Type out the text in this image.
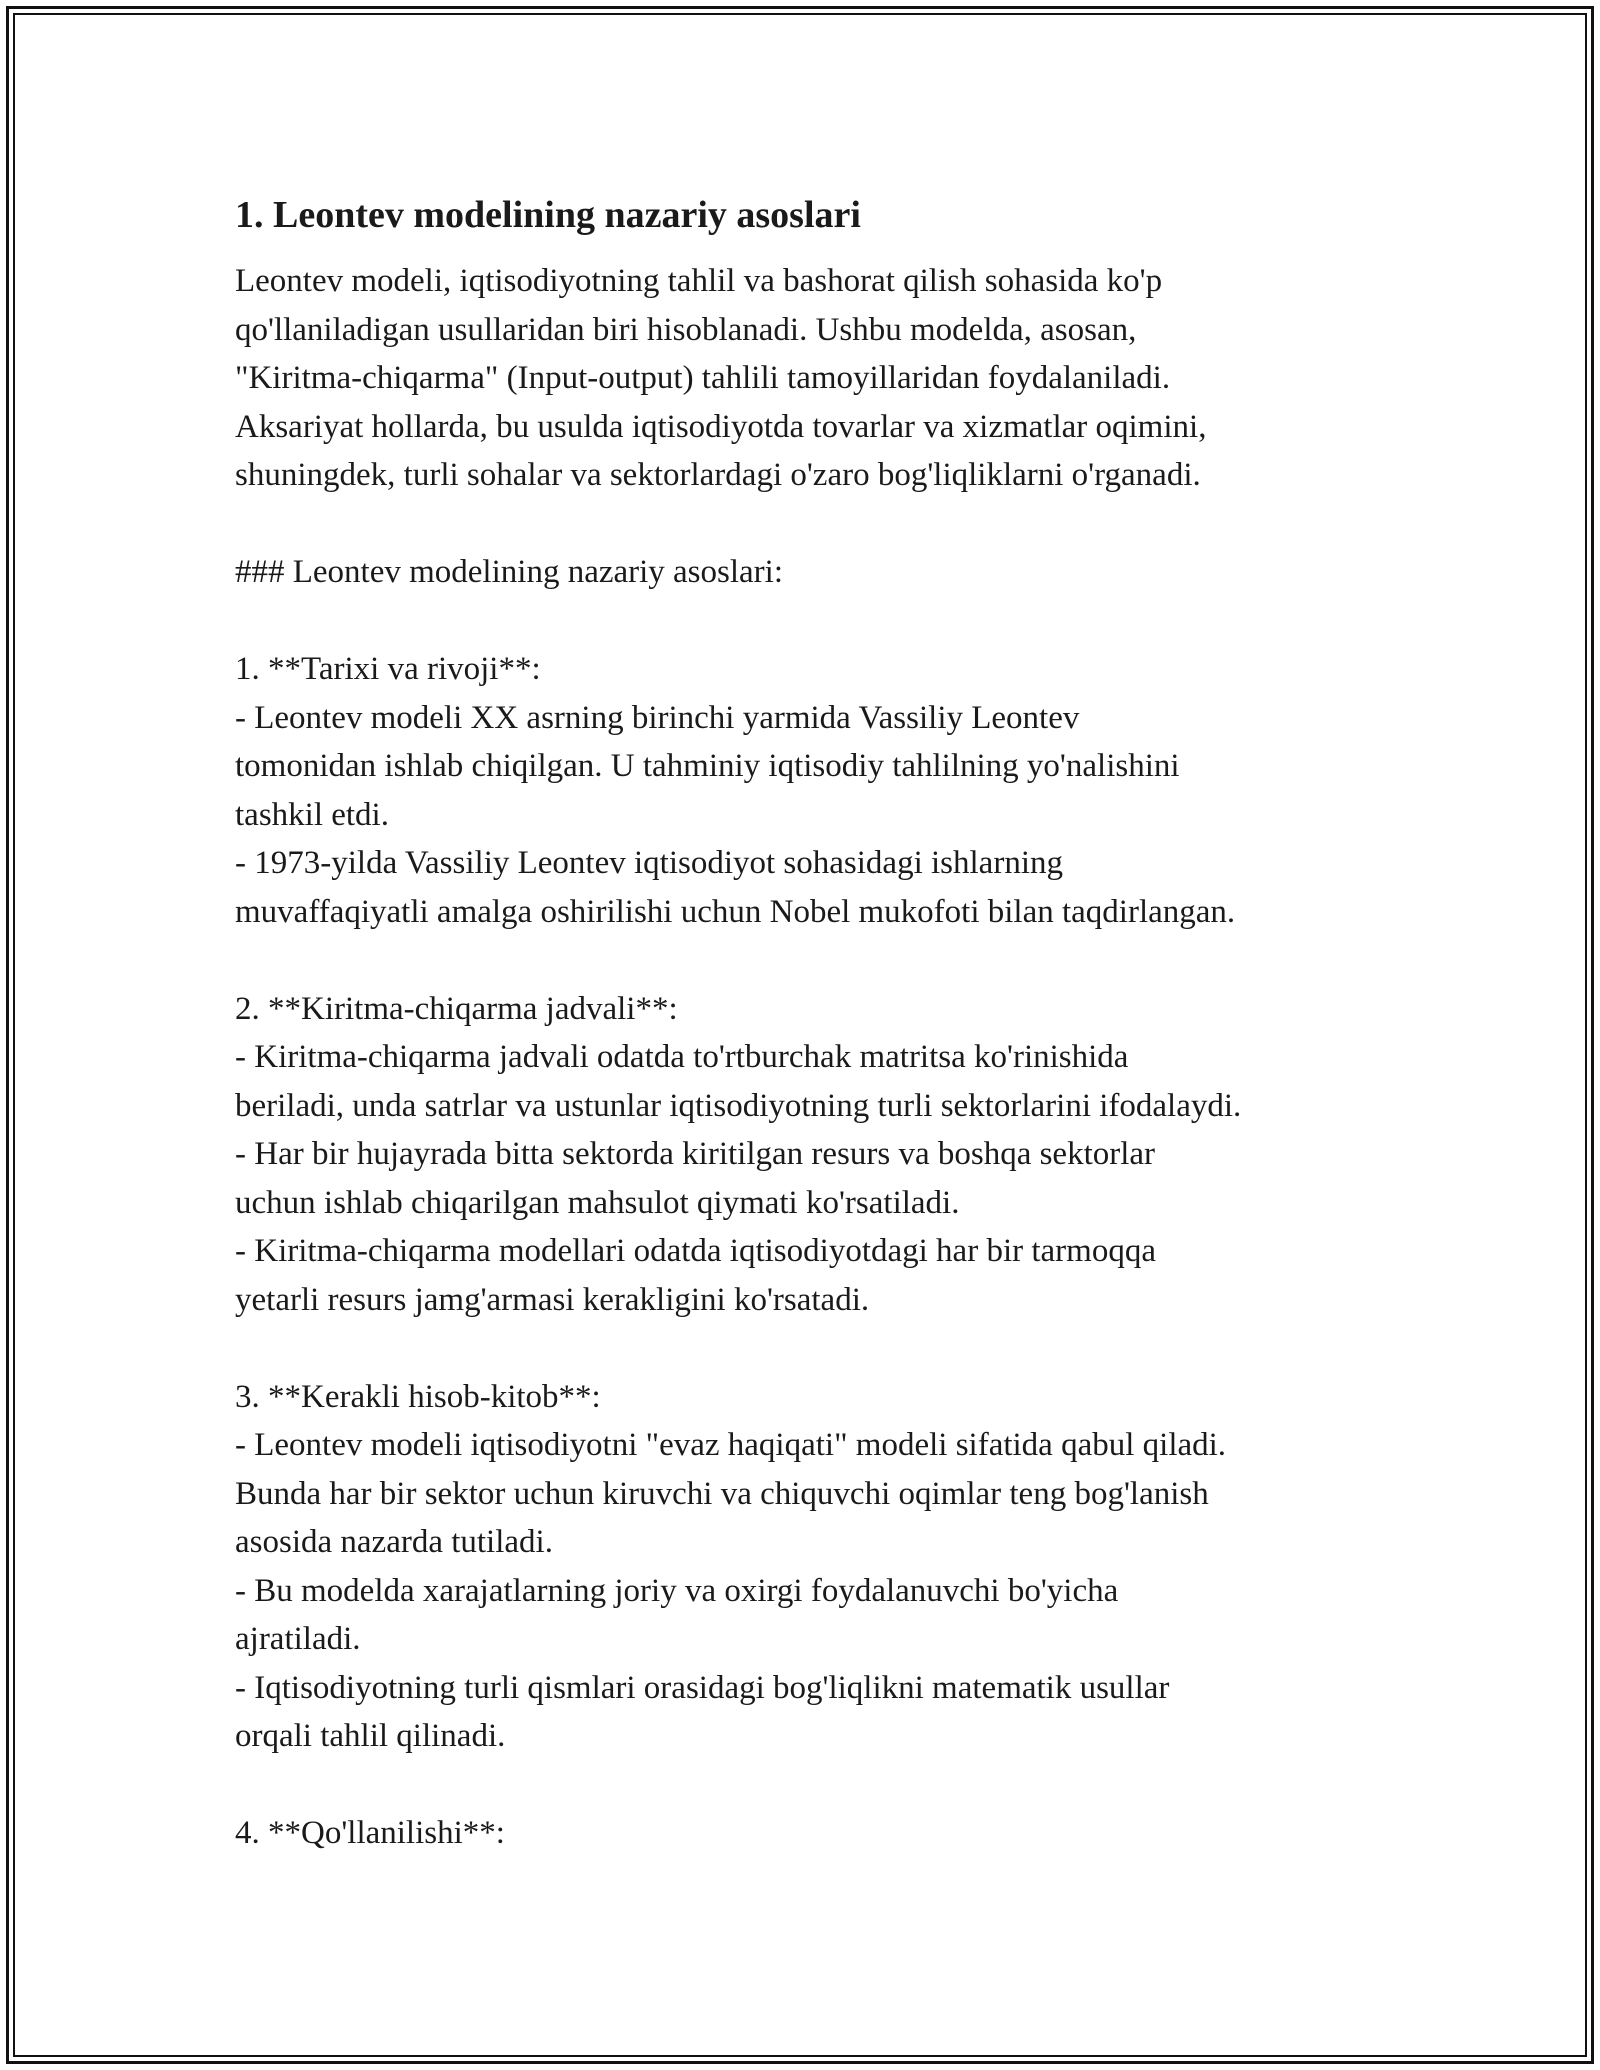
1. Leontev modelining nazariy asoslari

Leontev modeli, iqtisodiyotning tahlil va bashorat qilish sohasida ko'p
qo'llaniladigan usullaridan biri hisoblanadi. Ushbu modelda, asosan,
"Kiritma-chiqarma" (Input-output) tahlili tamoyillaridan foydalaniladi.
Aksariyat hollarda, bu usulda iqtisodiyotda tovarlar va xizmatlar oqimini,
shuningdek, turli sohalar va sektorlardagi o'zaro bog'liqliklarni o'rganadi.

### Leontev modelining nazariy asoslari:

1. **Tarixi va rivoji**:
- Leontev modeli XX asrning birinchi yarmida Vassiliy Leontev
tomonidan ishlab chiqilgan. U tahminiy iqtisodiy tahlilning yo'nalishini
tashkil etdi.
- 1973-yilda Vassiliy Leontev iqtisodiyot sohasidagi ishlarning
muvaffaqiyatli amalga oshirilishi uchun Nobel mukofoti bilan taqdirlangan.

2. **Kiritma-chiqarma jadvali**:
- Kiritma-chiqarma jadvali odatda to'rtburchak matritsa ko'rinishida
beriladi, unda satrlar va ustunlar iqtisodiyotning turli sektorlarini ifodalaydi.
- Har bir hujayrada bitta sektorda kiritilgan resurs va boshqa sektorlar
uchun ishlab chiqarilgan mahsulot qiymati ko'rsatiladi.
- Kiritma-chiqarma modellari odatda iqtisodiyotdagi har bir tarmoqqa
yetarli resurs jamg'armasi kerakligini ko'rsatadi.

3. **Kerakli hisob-kitob**:
- Leontev modeli iqtisodiyotni "evaz haqiqati" modeli sifatida qabul qiladi.
Bunda har bir sektor uchun kiruvchi va chiquvchi oqimlar teng bog'lanish
asosida nazarda tutiladi.
- Bu modelda xarajatlarning joriy va oxirgi foydalanuvchi bo'yicha
ajratiladi.
- Iqtisodiyotning turli qismlari orasidagi bog'liqlikni matematik usullar
orqali tahlil qilinadi.

4. **Qo'llanilishi**:
